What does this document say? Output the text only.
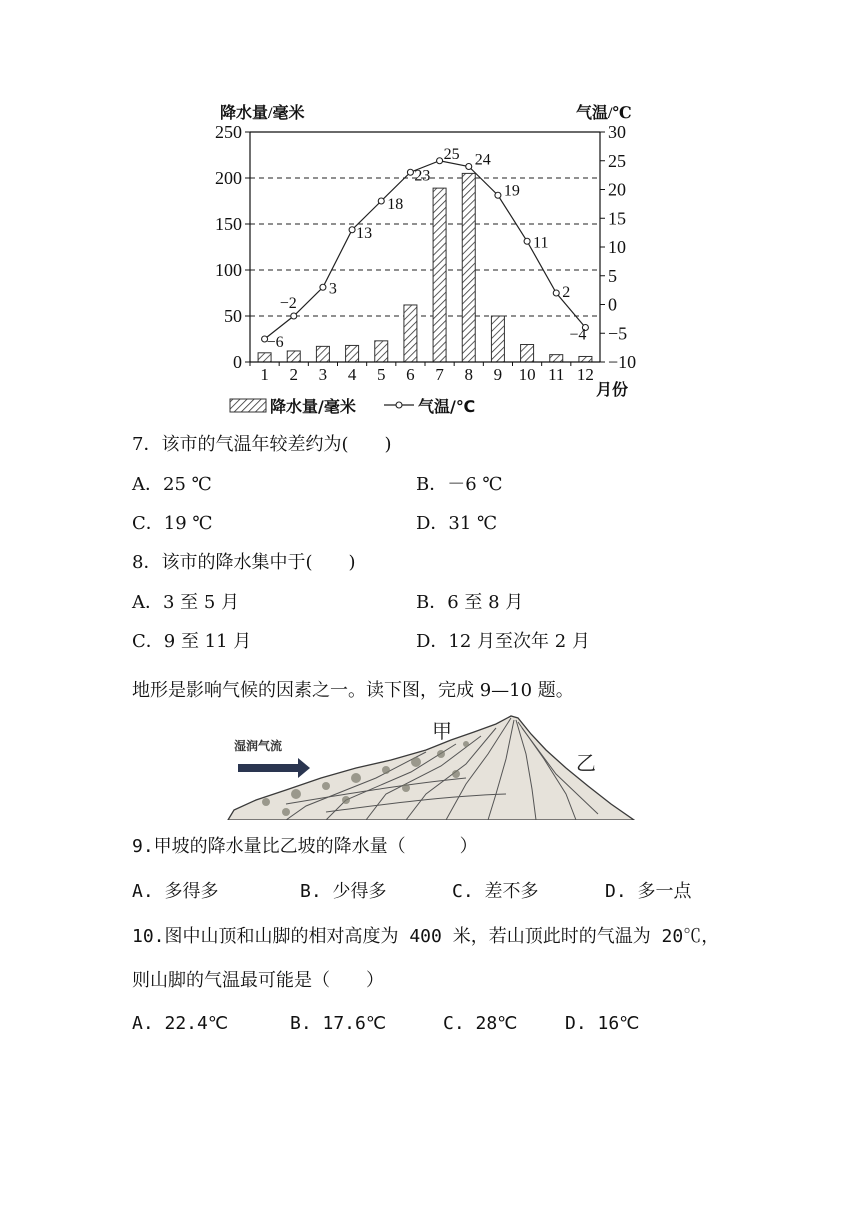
降水量/毫米	气温/℃
−6
−2
3
13
18
23
25 24
19
11
2
−4
0
50
100
150
200
250
−10
−5
0
5
10
15
20
25
30
1 2 3 4 5 6 7 8 9 10 11 12
月份
降水量/毫米	气温/℃
7．该市的气温年较差约为(　　)
A．25 ℃	B．－6 ℃
C．19 ℃	D．31 ℃
8．该市的降水集中于(　　)
A．3 至 5 月	B．6 至 8 月
C．9 至 11 月	D．12 月至次年 2 月
地形是影响气候的因素之一。读下图，完成 9—10 题。
湿润气流
甲
乙
9.甲坡的降水量比乙坡的降水量（　　　）
A. 多得多	B. 少得多	C. 差不多	D. 多一点
10.图中山顶和山脚的相对高度为 400 米，若山顶此时的气温为 20℃，
则山脚的气温最可能是（　　）
A. 22.4℃	B. 17.6℃	C. 28℃	D. 16℃
